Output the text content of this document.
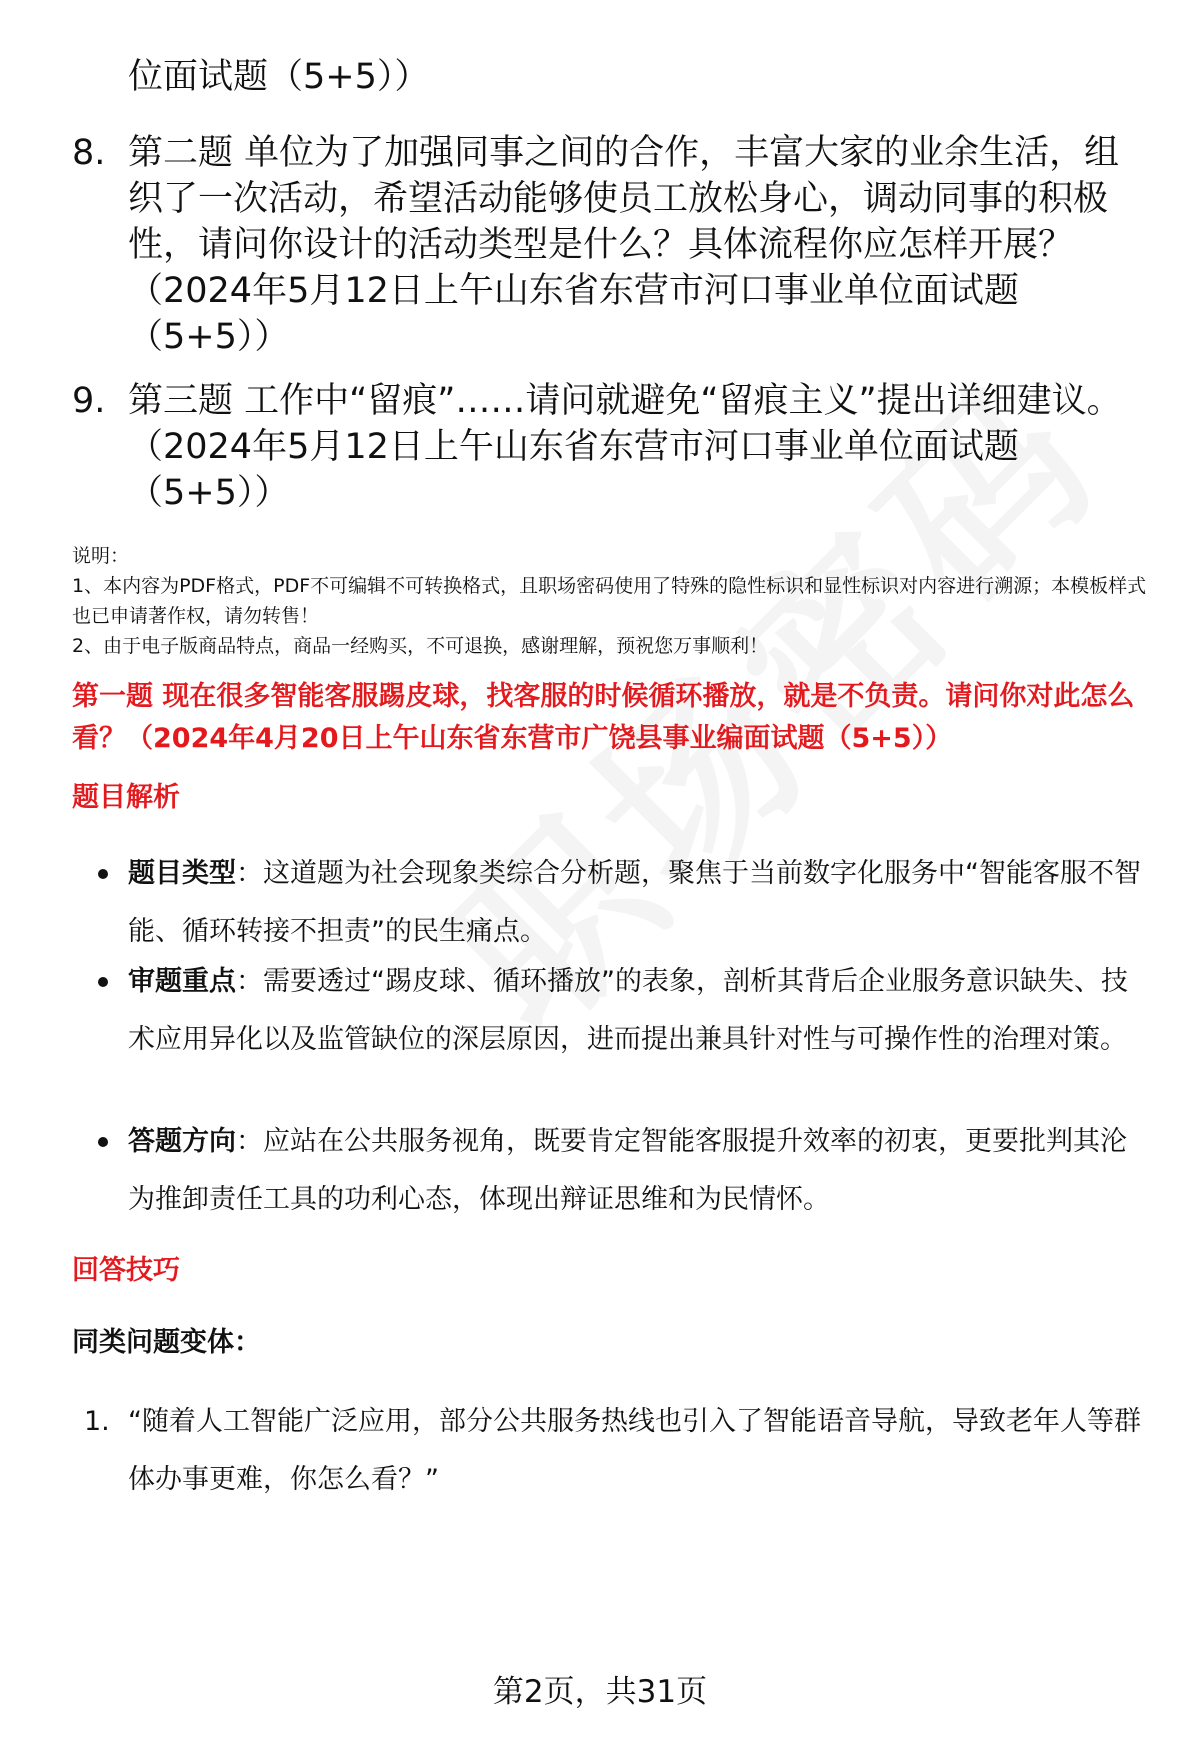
位面试题（5+5））
8. 第二题 单位为了加强同事之间的合作，丰富大家的业余生活，组织了一次活动，希望活动能够使员工放松身心，调动同事的积极性，请问你设计的活动类型是什么？具体流程你应怎样开展？（2024年5月12日上午山东省东营市河口事业单位面试题（5+5））
9. 第三题 工作中“留痕”……请问就避免“留痕主义”提出详细建议。（2024年5月12日上午山东省东营市河口事业单位面试题（5+5））
说明：
1、本内容为PDF格式，PDF不可编辑不可转换格式，且职场密码使用了特殊的隐性标识和显性标识对内容进行溯源；本模板样式也已申请著作权，请勿转售！
2、由于电子版商品特点，商品一经购买，不可退换，感谢理解，预祝您万事顺利！
第一题 现在很多智能客服踢皮球，找客服的时候循环播放，就是不负责。请问你对此怎么看？（2024年4月20日上午山东省东营市广饶县事业编面试题（5+5））
题目解析
题目类型：这道题为社会现象类综合分析题，聚焦于当前数字化服务中“智能客服不智能、循环转接不担责”的民生痛点。
审题重点：需要透过“踢皮球、循环播放”的表象，剖析其背后企业服务意识缺失、技术应用异化以及监管缺位的深层原因，进而提出兼具针对性与可操作性的治理对策。
答题方向：应站在公共服务视角，既要肯定智能客服提升效率的初衷，更要批判其沦为推卸责任工具的功利心态，体现出辩证思维和为民情怀。
回答技巧
同类问题变体：
1. “随着人工智能广泛应用，部分公共服务热线也引入了智能语音导航，导致老年人等群体办事更难，你怎么看？”
第2页，共31页
